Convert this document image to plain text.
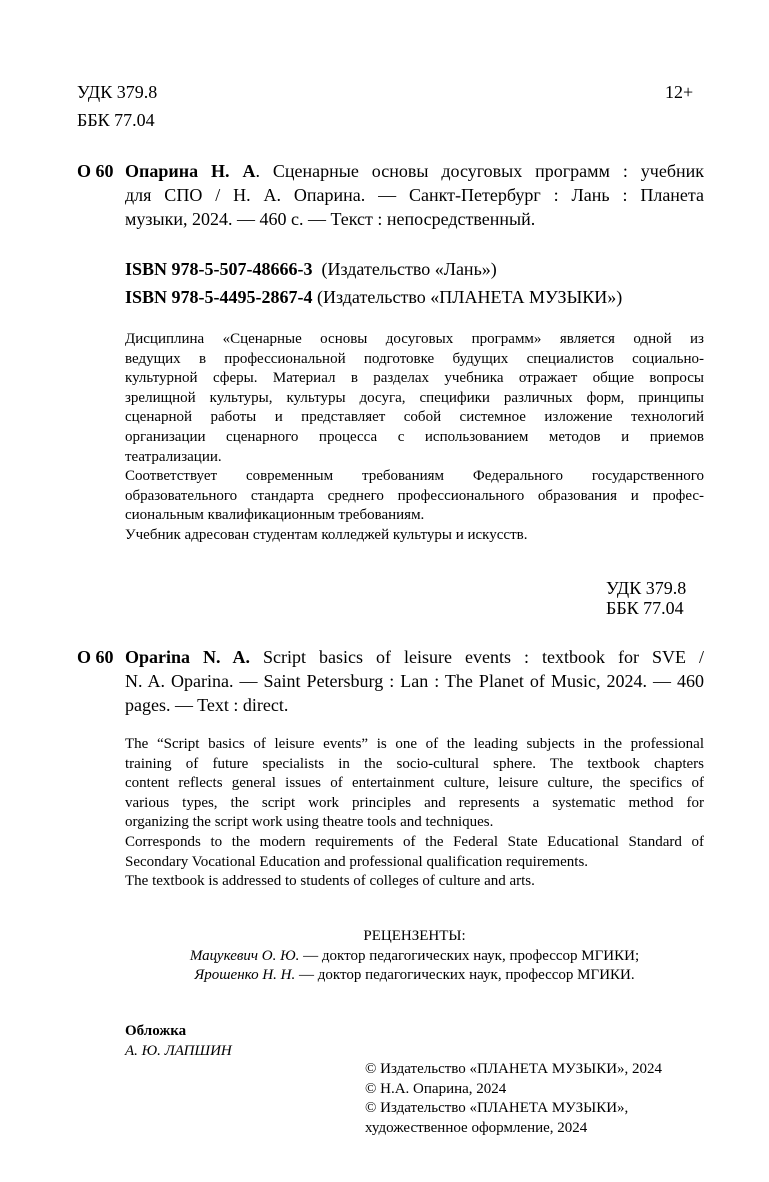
УДК 379.8
ББК 77.04
12+
О 60 Опарина Н. А. Сценарные основы досуговых программ : учебник
для СПО / Н. А. Опарина. — Санкт-Петербург : Лань : Планета
музыки, 2024. — 460 с. — Текст : непосредственный.
ISBN 978-5-507-48666-3 (Издательство «Лань»)
ISBN 978-5-4495-2867-4 (Издательство «ПЛАНЕТА МУЗЫКИ»)
Дисциплина «Сценарные основы досуговых программ» является одной из
ведущих в профессиональной подготовке будущих специалистов социально-
культурной сферы. Материал в разделах учебника отражает общие вопросы
зрелищной культуры, культуры досуга, специфики различных форм, принципы
сценарной работы и представляет собой системное изложение технологий
организации сценарного процесса с использованием методов и приемов
театрализации.
Соответствует современным требованиям Федерального государственного
образовательного стандарта среднего профессионального образования и профес-
сиональным квалификационным требованиям.
Учебник адресован студентам колледжей культуры и искусств.
УДК 379.8
ББК 77.04
О 60 Oparina N. A. Script basics of leisure events : textbook for SVE /
N. A. Oparina. — Saint Petersburg : Lan : The Planet of Music, 2024. — 460
pages. — Text : direct.
The “Script basics of leisure events” is one of the leading subjects in the professional
training of future specialists in the socio-cultural sphere. The textbook chapters
content reflects general issues of entertainment culture, leisure culture, the specifics of
various types, the script work principles and represents a systematic method for
organizing the script work using theatre tools and techniques.
Corresponds to the modern requirements of the Federal State Educational Standard of
Secondary Vocational Education and professional qualification requirements.
The textbook is addressed to students of colleges of culture and arts.
РЕЦЕНЗЕНТЫ:
Мацукевич О. Ю. — доктор педагогических наук, профессор МГИКИ;
Ярошенко Н. Н. — доктор педагогических наук, профессор МГИКИ.
Обложка
А. Ю. ЛАПШИН
© Издательство «ПЛАНЕТА МУЗЫКИ», 2024
© Н.А. Опарина, 2024
© Издательство «ПЛАНЕТА МУЗЫКИ»,
художественное оформление, 2024
